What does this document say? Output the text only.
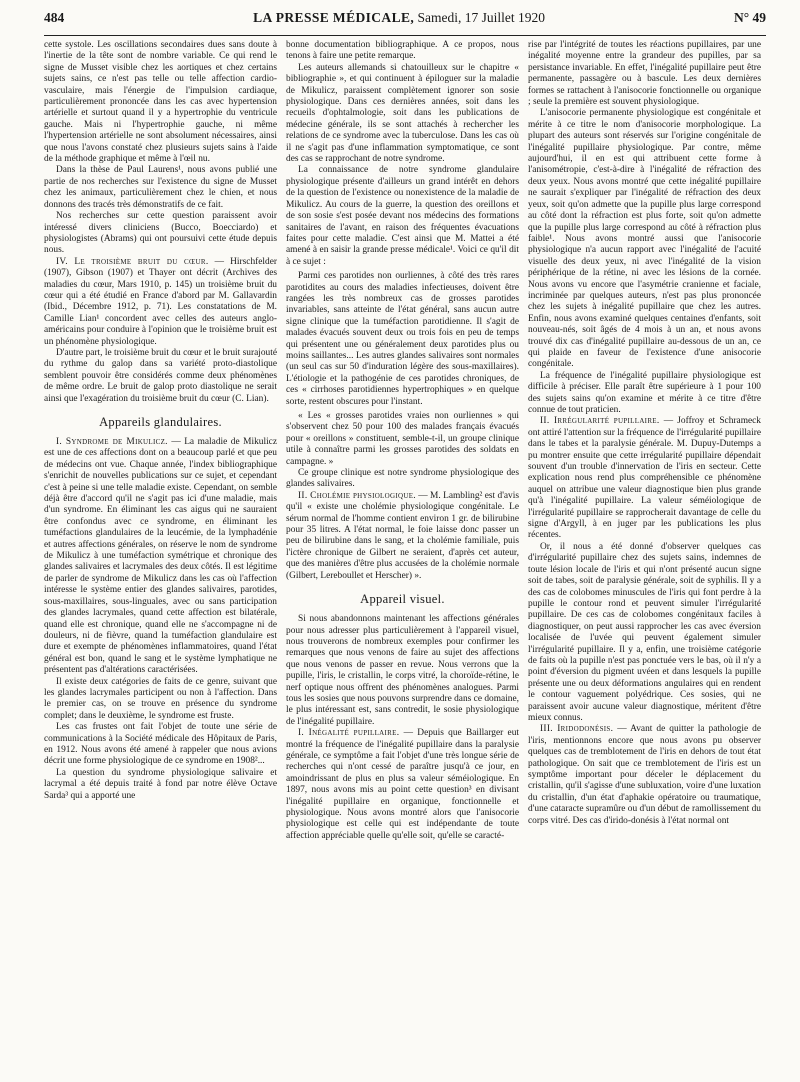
484	LA PRESSE MÉDICALE, Samedi, 17 Juillet 1920	N° 49

cette systole. Les oscillations secondaires dues sans doute à l'inertie de la tête sont de nombre variable. Ce qui rend le signe de Musset visible chez les aortiques et chez certains sujets sains, ce n'est pas telle ou telle affection cardio-vasculaire, mais l'énergie de l'impulsion cardiaque, particulièrement prononcée dans les cas avec hypertension artérielle et surtout quand il y a hypertrophie du ventricule gauche. Mais ni l'hypertrophie gauche, ni même l'hypertension artérielle ne sont absolument nécessaires, ainsi que nous l'avons constaté chez plusieurs sujets sains à l'aide de la méthode graphique et même à l'œil nu.

Dans la thèse de Paul Laurens¹, nous avons publié une partie de nos recherches sur l'existence du signe de Musset chez les animaux, particulièrement chez le chien, et nous donnons des tracés très démonstratifs de ce fait.

Nos recherches sur cette question paraissent avoir intéressé divers cliniciens (Bucco, Boecciardo) et physiologistes (Abrams) qui ont poursuivi cette étude depuis nous.

IV. Le troisième bruit du cœur. — Hirschfelder (1907), Gibson (1907) et Thayer ont décrit (Archives des maladies du cœur, Mars 1910, p. 145) un troisième bruit du cœur qui a été étudié en France d'abord par M. Gallavardin (Ibid., Décembre 1912, p. 71). Les constatations de M. Camille Lian¹ concordent avec celles des auteurs anglo-américains pour conduire à l'opinion que le troisième bruit est un phénomène physiologique.

D'autre part, le troisième bruit du cœur et le bruit surajouté du rythme du galop dans sa variété proto-diastolique semblent pouvoir être considérés comme deux phénomènes de même ordre. Le bruit de galop proto diastolique ne serait ainsi que l'exagération du troisième bruit du cœur (C. Lian).

Appareils glandulaires.

I. Syndrome de Mikulicz. — La maladie de Mikulicz est une de ces affections dont on a beaucoup parlé et que peu de médecins ont vue. Chaque année, l'index bibliographique s'enrichit de nouvelles publications sur ce sujet, et cependant c'est à peine si une telle maladie existe. Cependant, on semble déjà être d'accord qu'il ne s'agit pas ici d'une maladie, mais d'un syndrome. En éliminant les cas aigus qui ne sauraient être confondus avec ce syndrome, en éliminant les tuméfactions glandulaires de la leucémie, de la lymphadénie et autres affections générales, on réserve le nom de syndrome de Mikulicz à une tuméfaction symétrique et chronique des glandes salivaires et lacrymales des deux côtés. Il est légitime de parler de syndrome de Mikulicz dans les cas où l'affection intéresse le système entier des glandes salivaires, parotides, sous-maxillaires, sous-linguales, avec ou sans participation des glandes lacrymales, quand cette affection est bilatérale, quand elle est chronique, quand elle ne s'accompagne ni de douleurs, ni de fièvre, quand la tuméfaction glandulaire est dure et exempte de phénomènes inflammatoires, quand l'état général est bon, quand le sang et le système lymphatique ne présentent pas d'altérations caractérisées.

Il existe deux catégories de faits de ce genre, suivant que les glandes lacrymales participent ou non à l'affection. Dans le premier cas, on se trouve en présence du syndrome complet; dans le deuxième, le syndrome est fruste.

Les cas frustes ont fait l'objet de toute une série de communications à la Société médicale des Hôpitaux de Paris, en 1912. Nous avons été amené à rappeler que nous avions décrit une forme physiologique de ce syndrome en 1908²...

La question du syndrome physiologique salivaire et lacrymal a été depuis traité à fond par notre élève Octave Sarda³ qui a apporté une

bonne documentation bibliographique. A ce propos, nous tenons à faire une petite remarque.

Les auteurs allemands si chatouilleux sur le chapitre « bibliographie », et qui continuent à épiloguer sur la maladie de Mikulicz, paraissent complètement ignorer son sosie physiologique. Dans ces dernières années, soit dans les recueils d'ophtalmologie, soit dans les publications de médecine générale, ils se sont attachés à rechercher les relations de ce syndrome avec la tuberculose. Dans les cas où il ne s'agit pas d'une inflammation symptomatique, ce sont des cas se rapprochant de notre syndrome.

La connaissance de notre syndrome glandulaire physiologique présente d'ailleurs un grand intérêt en dehors de la question de l'existence ou nonexistence de la maladie de Mikulicz. Au cours de la guerre, la question des oreillons et de son sosie s'est posée devant nos médecins des formations sanitaires de l'avant, en raison des fréquentes évacuations faites pour cette maladie. C'est ainsi que M. Mattei a été amené à en saisir la grande presse médicale¹. Voici ce qu'il dit à ce sujet :

Parmi ces parotides non ourliennes, à côté des très rares parotidites au cours des maladies infectieuses, doivent être rangées les très nombreux cas de grosses parotides invariables, sans atteinte de l'état général, sans aucun autre signe clinique que la tuméfaction parotidienne. Il s'agit de malades évacués souvent deux ou trois fois en peu de temps qui présentent une ou généralement deux parotides plus ou moins saillantes... Les autres glandes salivaires sont normales (un seul cas sur 50 d'induration légère des sous-maxillaires). L'étiologie et la pathogénie de ces parotides chroniques, de ces « cirrhoses parotidiennes hypertrophiques » en quelque sorte, restent obscures pour l'instant.

« Les « grosses parotides vraies non ourliennes » qui s'observent chez 50 pour 100 des malades français évacués pour « oreillons » constituent, semble-t-il, un groupe clinique utile à connaître parmi les grosses parotides des soldats en campagne. »

Ce groupe clinique est notre syndrome physiologique des glandes salivaires.

II. Cholémie physiologique. — M. Lambling² est d'avis qu'il « existe une cholémie physiologique congénitale. Le sérum normal de l'homme contient environ 1 gr. de bilirubine pour 35 litres. A l'état normal, le foie laisse donc passer un peu de bilirubine dans le sang, et la cholémie familiale, puis l'ictère chronique de Gilbert ne seraient, d'après cet auteur, que des manières d'être plus accusées de la cholémie normale (Gilbert, Lereboullet et Herscher) ».

Appareil visuel.

Si nous abandonnons maintenant les affections générales pour nous adresser plus particulièrement à l'appareil visuel, nous trouverons de nombreux exemples pour confirmer les remarques que nous venons de faire au sujet des affections que nous venons de passer en revue. Nous verrons que la pupille, l'iris, le cristallin, le corps vitré, la choroïde-rétine, le nerf optique nous offrent des phénomènes analogues. Parmi tous les sosies que nous pouvons surprendre dans ce domaine, le plus intéressant est, sans contredit, le sosie physiologique de l'inégalité pupillaire.

I. Inégalité pupillaire. — Depuis que Baillarger eut montré la fréquence de l'inégalité pupillaire dans la paralysie générale, ce symptôme a fait l'objet d'une très longue série de recherches qui n'ont cessé de paraître jusqu'à ce jour, en amoindrissant de plus en plus sa valeur séméiologique. En 1897, nous avons mis au point cette question³ en divisant l'inégalité pupillaire en organique, fonctionnelle et physiologique. Nous avons montré alors que l'anisocorie physiologique est celle qui est indépendante de toute affection appréciable quelle qu'elle soit, qu'elle se caracté-

rise par l'intégrité de toutes les réactions pupillaires, par une inégalité moyenne entre la grandeur des pupilles, par sa persistance invariable. En effet, l'inégalité pupillaire peut être permanente, passagère ou à bascule. Les deux dernières formes se rattachent à l'anisocorie fonctionnelle ou organique ; seule la première est souvent physiologique.

L'anisocorie permanente physiologique est congénitale et mérite à ce titre le nom d'anisocorie morphologique. La plupart des auteurs sont réservés sur l'origine congénitale de l'inégalité pupillaire physiologique. Par contre, même aujourd'hui, il en est qui attribuent cette forme à l'anisométropie, c'est-à-dire à l'inégalité de réfraction des deux yeux. Nous avons montré que cette inégalité pupillaire ne saurait s'expliquer par l'inégalité de réfraction des deux yeux, soit qu'on admette que la pupille plus large correspond au côté dont la réfraction est plus forte, soit qu'on admette que la pupille plus large correspond au côté à réfraction plus faible¹. Nous avons montré aussi que l'anisocorie physiologique n'a aucun rapport avec l'inégalité de l'acuité visuelle des deux yeux, ni avec l'inégalité de la vision périphérique de la rétine, ni avec les lésions de la cornée. Nous avons vu encore que l'asymétrie cranienne et faciale, incriminée par quelques auteurs, n'est pas plus prononcée chez les sujets à inégalité pupillaire que chez les autres. Enfin, nous avons examiné quelques centaines d'enfants, soit nouveau-nés, soit âgés de 4 mois à un an, et nous avons trouvé dix cas d'inégalité pupillaire au-dessous de un an, ce qui plaide en faveur de l'existence d'une anisocorie congénitale.

La fréquence de l'inégalité pupillaire physiologique est difficile à préciser. Elle paraît être supérieure à 1 pour 100 des sujets sains qu'on examine et mérite à ce titre d'être connue de tout praticien.

II. Irrégularité pupillaire. — Joffroy et Schrameck ont attiré l'attention sur la fréquence de l'irrégularité pupillaire dans le tabes et la paralysie générale. M. Dupuy-Dutemps a pu montrer ensuite que cette irrégularité pupillaire dépendait souvent d'un trouble d'innervation de l'iris en secteur. Cette explication nous rend plus compréhensible ce phénomène auquel on attribue une valeur diagnostique bien plus grande qu'à l'inégalité pupillaire. La valeur séméiologique de l'irrégularité pupillaire se rapprocherait davantage de celle du signe d'Argyll, à en juger par les publications les plus récentes.

Or, il nous a été donné d'observer quelques cas d'irrégularité pupillaire chez des sujets sains, indemnes de toute lésion locale de l'iris et qui n'ont présenté aucun signe soit de tabes, soit de paralysie générale, soit de syphilis. Il y a des cas de colobomes minuscules de l'iris qui font perdre à la pupille le contour rond et peuvent simuler l'irrégularité pupillaire. De ces cas de colobomes congénitaux faciles à diagnostiquer, on peut aussi rapprocher les cas avec éversion localisée de l'uvée qui peuvent également simuler l'irrégularité pupillaire. Il y a, enfin, une troisième catégorie de faits où la pupille n'est pas ponctuée vers le bas, où il n'y a point d'éversion du pigment uvéen et dans lesquels la pupille présente une ou deux déformations angulaires qui en rendent le contour vaguement polyédrique. Ces sosies, qui ne paraissent avoir aucune valeur diagnostique, méritent d'être mieux connus.

III. Iridodonésis. — Avant de quitter la pathologie de l'iris, mentionnons encore que nous avons pu observer quelques cas de tremblotement de l'iris en dehors de tout état pathologique. On sait que ce tremblotement de l'iris est un symptôme important pour déceler le déplacement du cristallin, qu'il s'agisse d'une subluxation, voire d'une luxation du cristallin, d'un état d'aphakie opératoire ou traumatique, d'une cataracte supramûre ou d'un début de ramollissement du corps vitré. Des cas d'irido-donésis à l'état normal ont
